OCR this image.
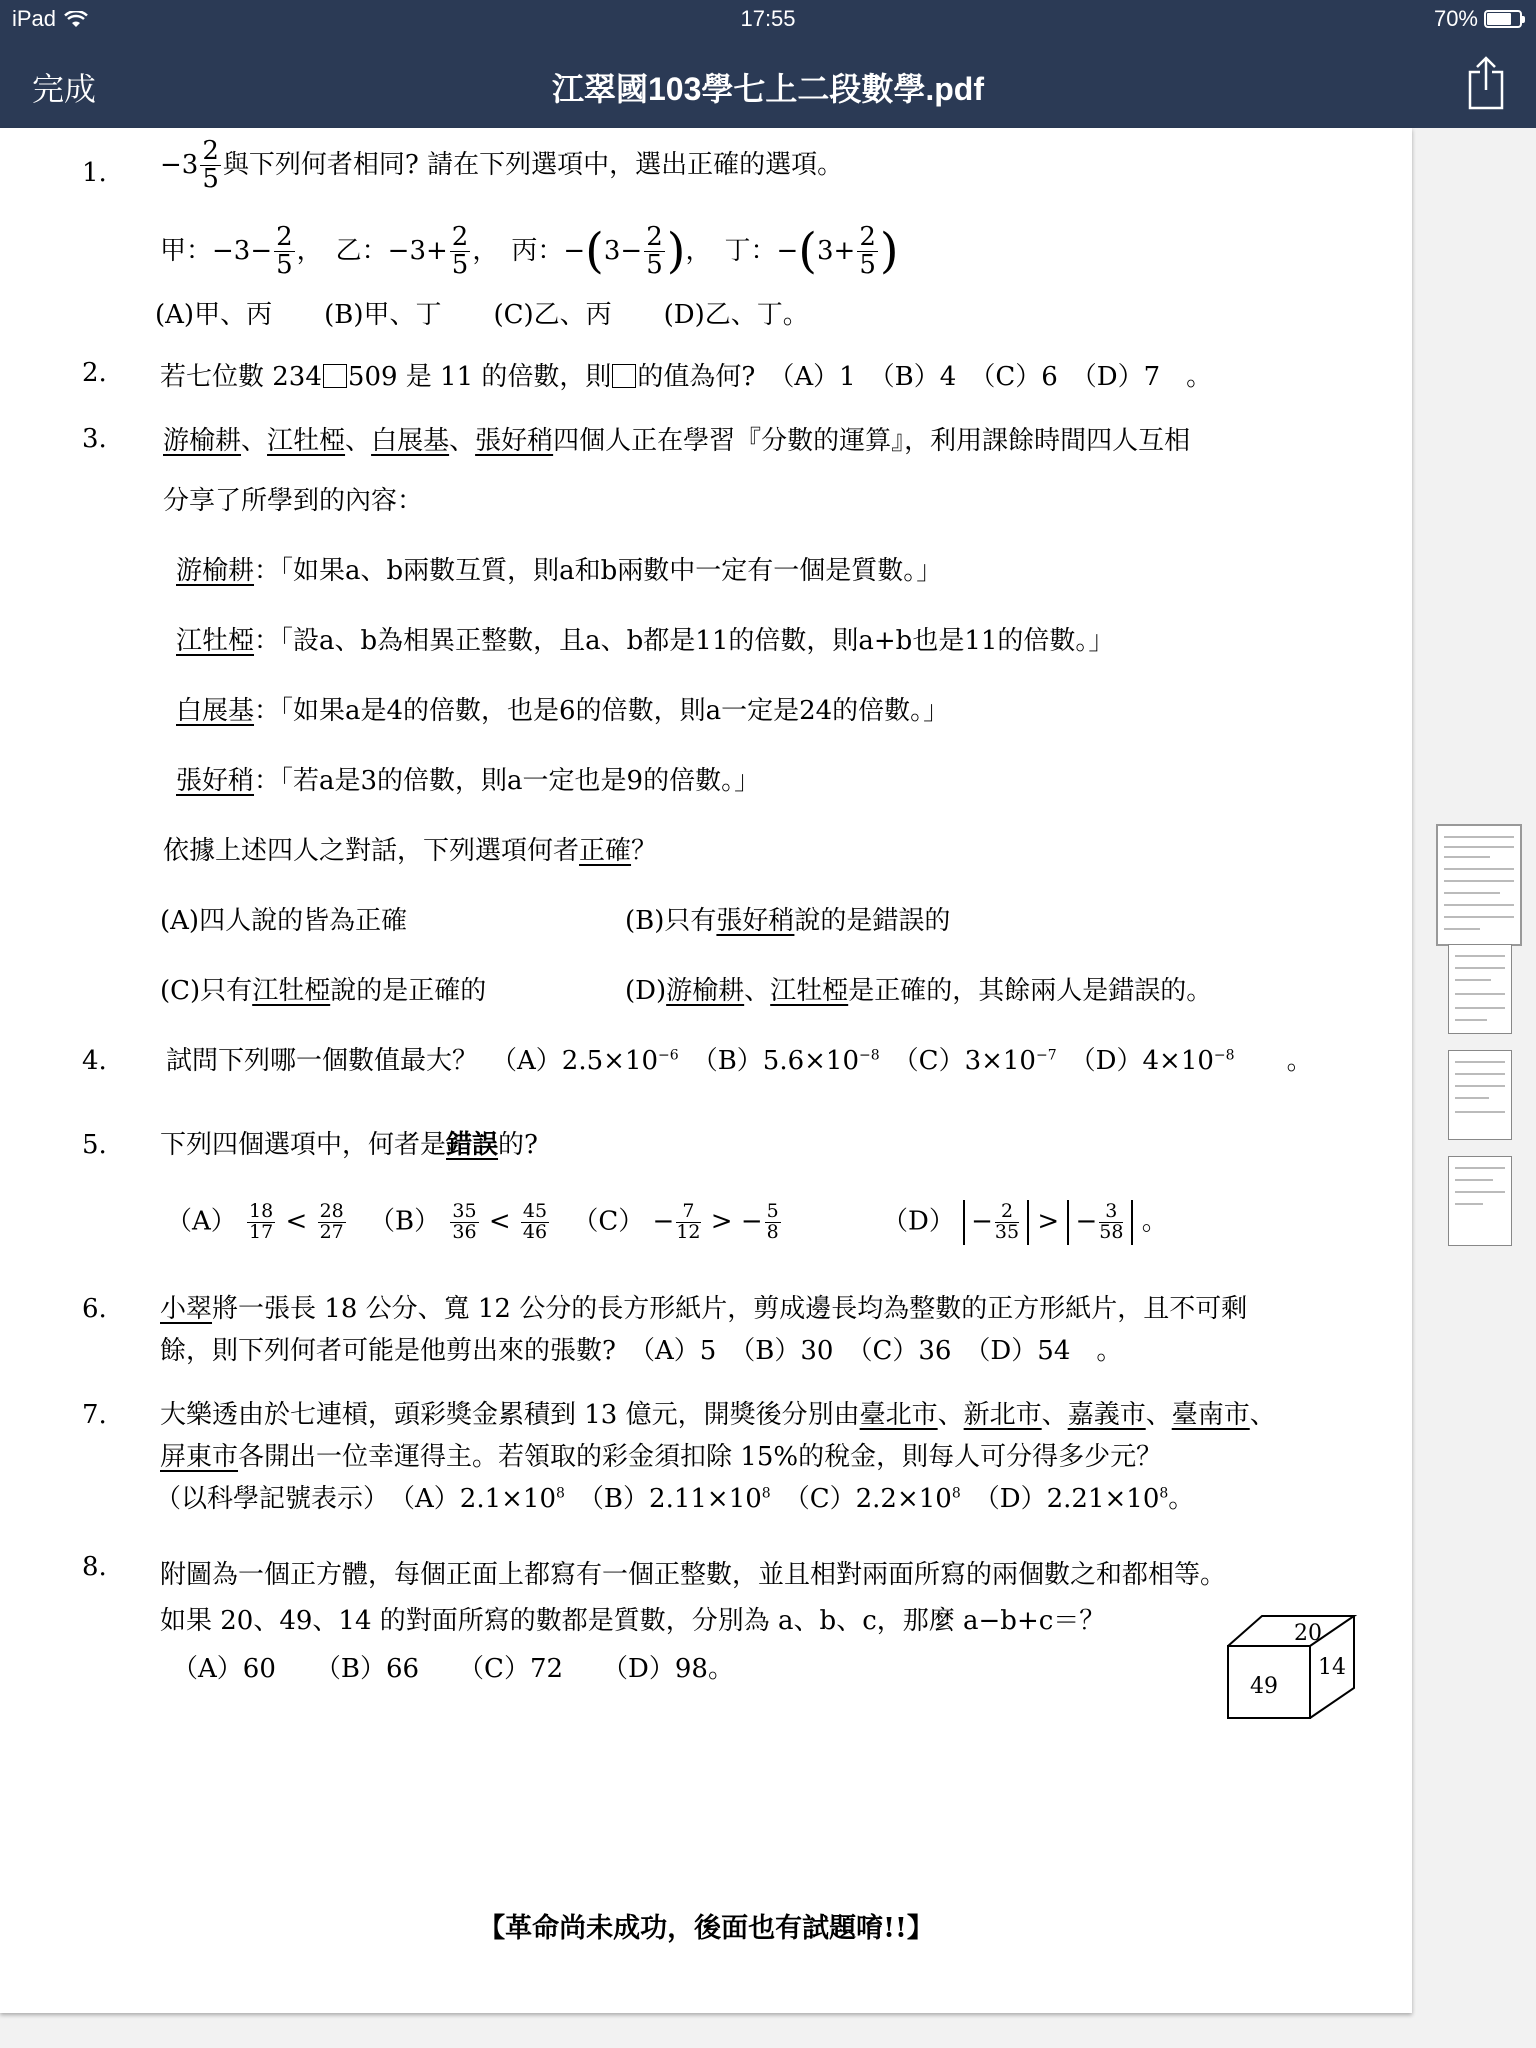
iPad	17:55	70%
完成	江翠國103學七上二段數學.pdf
1. $-3 \frac{2}{5}$ 與下列何者相同? 請在下列選項中，選出正確的選項。
甲：$-3- \frac{2}{5}$ ，　乙：$-3+ \frac{2}{5}$ ，　丙：$-(3- \frac{2}{5}$ )，　丁：$-(3+ \frac{2}{5}$ )
(A)甲、丙　　(B)甲、丁　　(C)乙、丙　　(D)乙、丁。
2. 若七位數 234 509 是 11 的倍數，則 的值為何?　（A）1　（B）4　（C）6　（D）7　。
3. 游榆耕、江牡椏、白展基、張好稍四個人正在學習『分數的運算』，利用課餘時間四人互相
分享了所學到的內容：
游榆耕：「如果a、b兩數互質，則a和b兩數中一定有一個是質數。」
江牡椏：「設a、b為相異正整數，且a、b都是11的倍數，則a+b也是11的倍數。」
白展基：「如果a是4的倍數，也是6的倍數，則a一定是24的倍數。」
張好稍：「若a是3的倍數，則a一定也是9的倍數。」
依據上述四人之對話，下列選項何者正確？
(A)四人說的皆為正確	(B)只有張好稍說的是錯誤的
(C)只有江牡椏說的是正確的	(D)游榆耕、江牡椏是正確的，其餘兩人是錯誤的。
4. 試問下列哪一個數值最大？　 $(A)2.5\times 10^{-6}$　 $(B)5.6\times 10^{-8}$　 $(C)3\times 10^{-7}$　 $(D)4\times 10^{-8}$　　 。
5. 下列四個選項中，何者是錯誤的?
$(A) \frac{18}{17} < \frac{28}{27}$
　 $(B) \frac{35}{36} < \frac{45}{46}$
　 $(C) - \frac{7}{12}$ > − $\frac{5}{8}$
　　　　	$(D) - \frac{2}{35}$ > − $\frac{3}{58}$ 。
6. 小翠將一張長 18 公分、寬 12 公分的長方形紙片，剪成邊長均為整數的正方形紙片，且不可剩
餘，則下列何者可能是他剪出來的張數?　（A）5　（B）30　（C）36　（D）54　。
7. 大樂透由於七連槓，頭彩獎金累積到 13 億元，開獎後分別由臺北市、新北市、嘉義市、臺南市、
屏東市各開出一位幸運得主。若領取的彩金須扣除 15%的稅金，則每人可分得多少元？
（以科學記號表示）　$(A)2.1\times 10^8$　$(B)2.11\times 10^8$　$(C)2.2\times 10^8$　$(D)2.21\times 10^8$。
8. 附圖為一個正方體，每個正面上都寫有一個正整數，並且相對兩面所寫的兩個數之和都相等。
如果 20、49、14 的對面所寫的數都是質數，分別為 a、b、c，那麼 a−b+c＝？
（A）60　　（B）66　　（C）72　　（D）98。
20
49
14
【革命尚未成功，後面也有試題唷!!】
